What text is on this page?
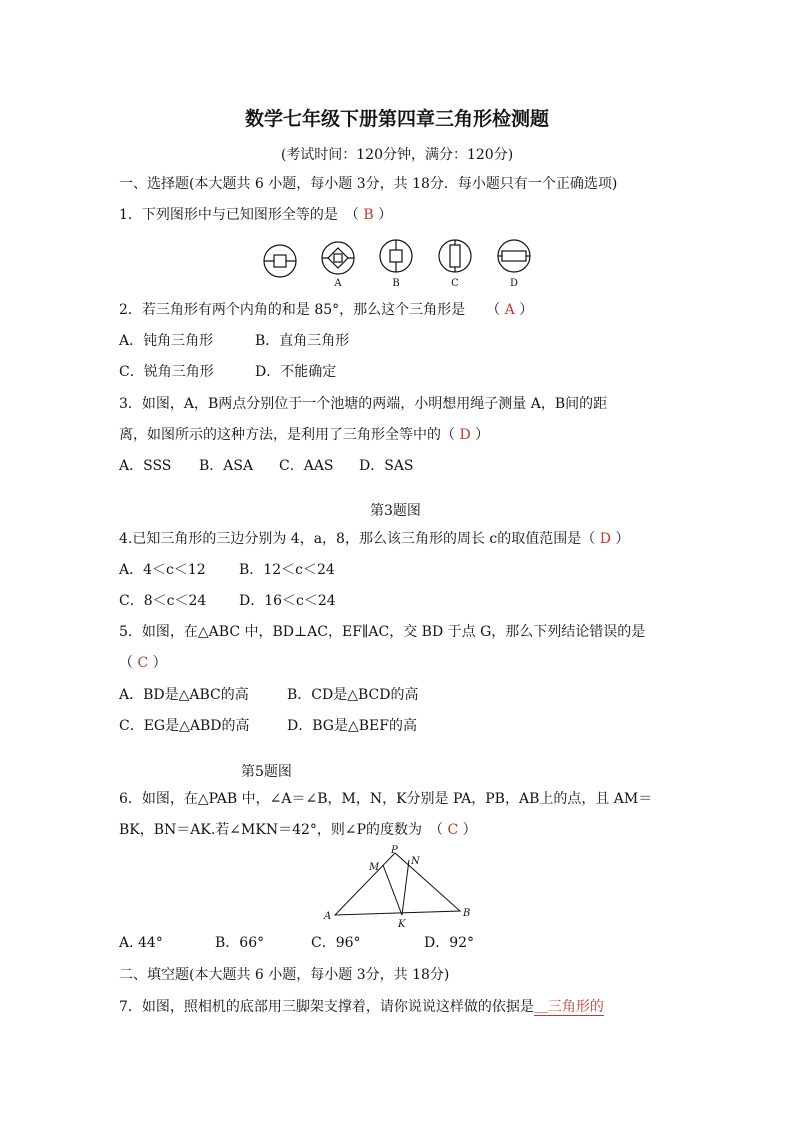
数学七年级下册第四章三角形检测题
(考试时间：120分钟，满分：120分)
一、选择题(本大题共 6 小题，每小题 3分，共 18分．每小题只有一个正确选项)
1．下列图形中与已知图形全等的是　（ B ）
A	B	C	D
2．若三角形有两个内角的和是 85°，那么这个三角形是　　（ A ）
A．钝角三角形	B．直角三角形
C．锐角三角形	D．不能确定
3．如图，A，B两点分别位于一个池塘的两端，小明想用绳子测量 A，B间的距
离，如图所示的这种方法，是利用了三角形全等中的（ D ）
A．SSS B．ASA C．AAS D．SAS
第3题图
4.已知三角形的三边分别为 4，a，8，那么该三角形的周长 c的取值范围是（ D ）
A．4＜c＜12 B．12＜c＜24
C．8＜c＜24 D．16＜c＜24
5．如图，在△ABC 中，BD⊥AC，EF∥AC，交 BD 于点 G，那么下列结论错误的是
（ C ）
A．BD是△ABC的高	B．CD是△BCD的高
C．EG是△ABD的高	D．BG是△BEF的高
第5题图
6．如图，在△PAB 中，∠A＝∠B，M，N，K分别是 PA，PB，AB上的点，且 AM＝
BK，BN＝AK.若∠MKN＝42°，则∠P的度数为　（ C ）
P
N
M
A
K
B
A. 44°	B．66°	C．96°	D．92°
二、填空题(本大题共 6 小题，每小题 3分，共 18分)
7．如图，照相机的底部用三脚架支撑着，请你说说这样做的依据是＿三角形的
